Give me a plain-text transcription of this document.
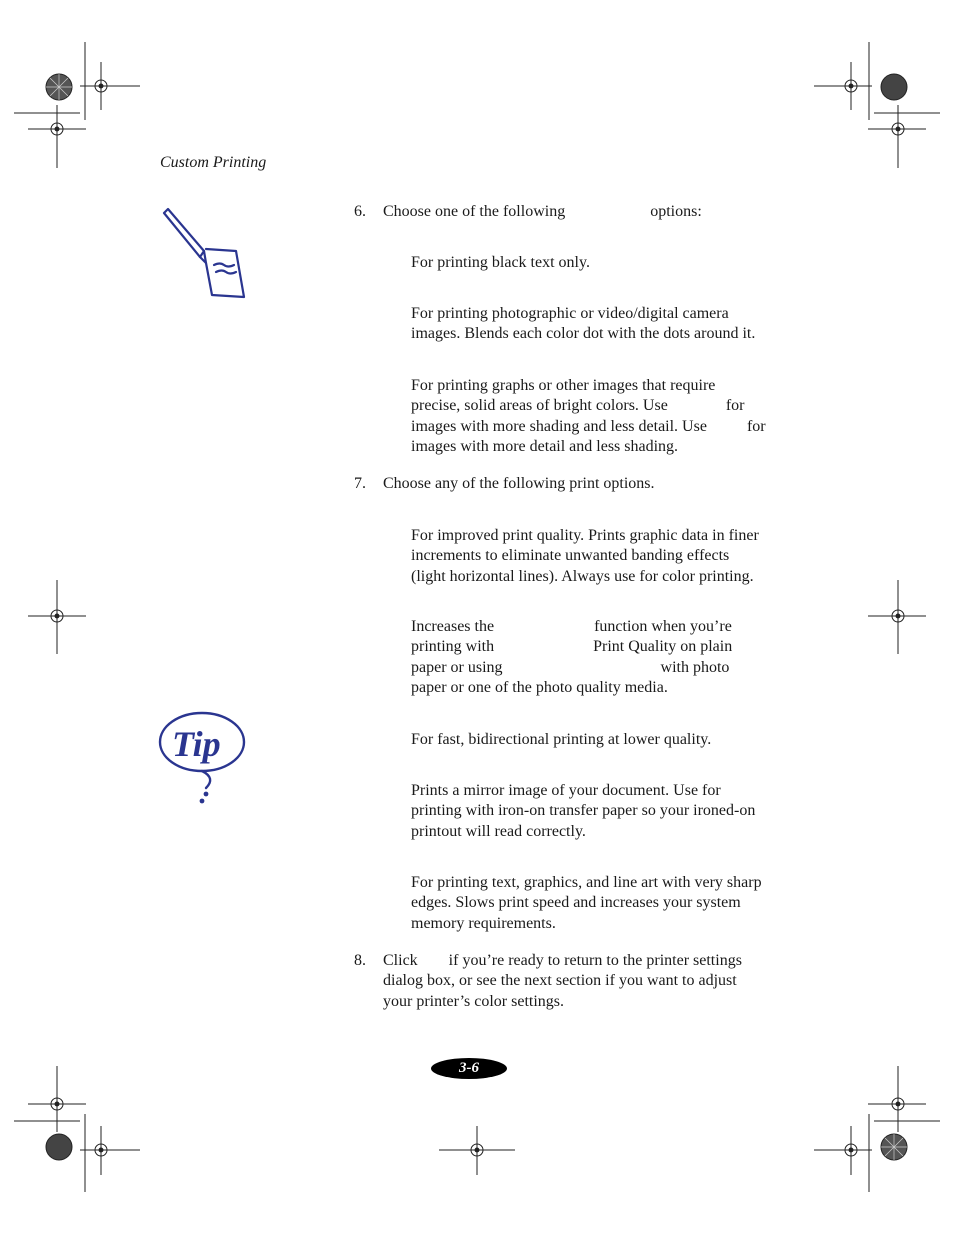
Custom Printing
Tip
6. Choose one of the following	options:
For printing black text only.
For printing photographic or video/digital camera
images. Blends each color dot with the dots around it.
For printing graphs or other images that require
precise, solid areas of bright colors. Use	for
images with more shading and less detail. Use	for
images with more detail and less shading.
7. Choose any of the following print options.
For improved print quality. Prints graphic data in finer
increments to eliminate unwanted banding effects
(light horizontal lines). Always use for color printing.
Increases the	function when you’re
printing with	Print Quality on plain
paper or using	with photo
paper or one of the photo quality media.
For fast, bidirectional printing at lower quality.
Prints a mirror image of your document. Use for
printing with iron-on transfer paper so your ironed-on
printout will read correctly.
For printing text, graphics, and line art with very sharp
edges. Slows print speed and increases your system
memory requirements.
8. Click if you’re ready to return to the printer settings
dialog box, or see the next section if you want to adjust
your printer’s color settings.
3-6
